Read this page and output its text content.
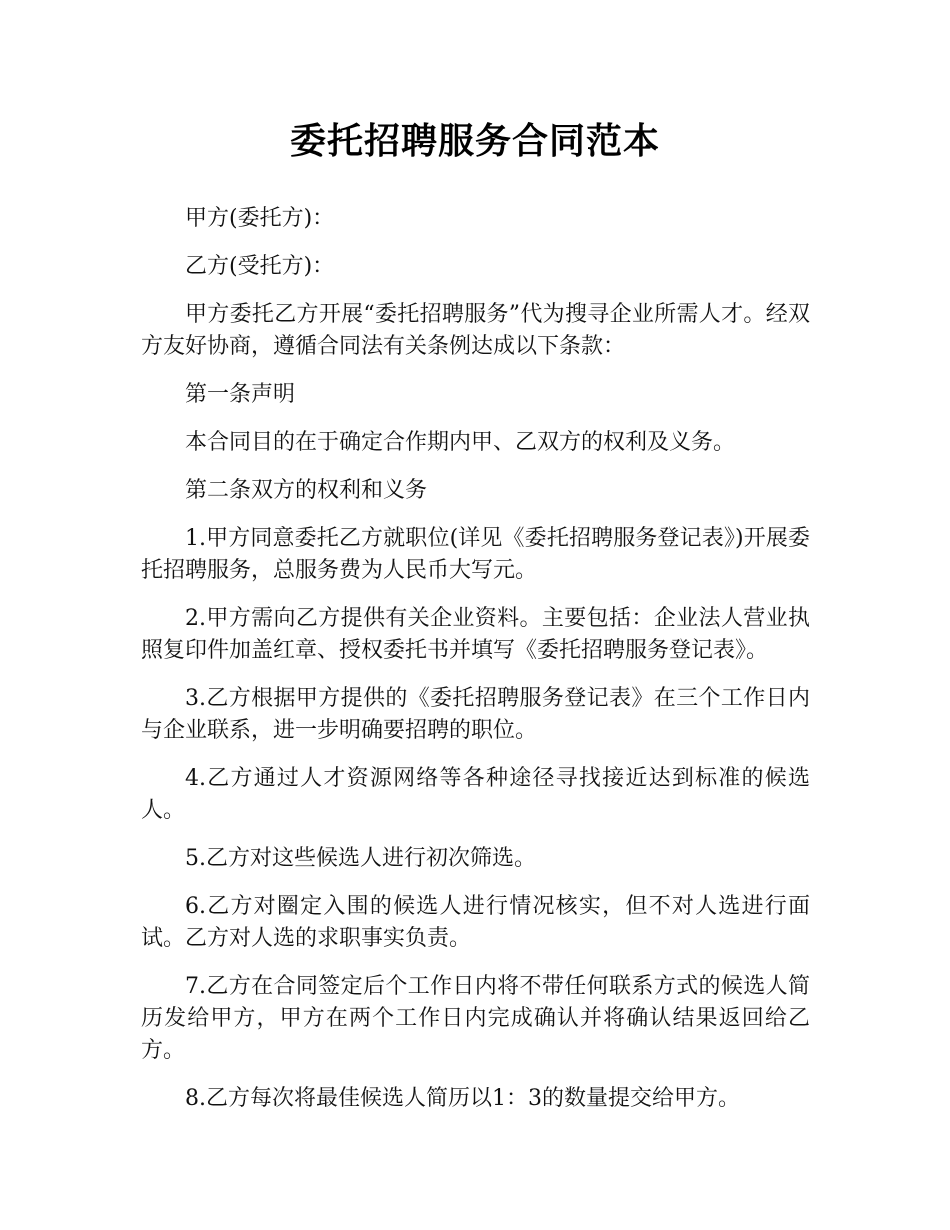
委托招聘服务合同范本

甲方(委托方)：

乙方(受托方)：

甲方委托乙方开展“委托招聘服务”代为搜寻企业所需人才。经双方友好协商，遵循合同法有关条例达成以下条款：

第一条声明

本合同目的在于确定合作期内甲、乙双方的权利及义务。

第二条双方的权利和义务

1.甲方同意委托乙方就职位(详见《委托招聘服务登记表》)开展委托招聘服务，总服务费为人民币大写元。

2.甲方需向乙方提供有关企业资料。主要包括：企业法人营业执照复印件加盖红章、授权委托书并填写《委托招聘服务登记表》。

3.乙方根据甲方提供的《委托招聘服务登记表》在三个工作日内与企业联系，进一步明确要招聘的职位。

4.乙方通过人才资源网络等各种途径寻找接近达到标准的候选人。

5.乙方对这些候选人进行初次筛选。

6.乙方对圈定入围的候选人进行情况核实，但不对人选进行面试。乙方对人选的求职事实负责。

7.乙方在合同签定后个工作日内将不带任何联系方式的候选人简历发给甲方，甲方在两个工作日内完成确认并将确认结果返回给乙方。

8.乙方每次将最佳候选人简历以1：3的数量提交给甲方。
